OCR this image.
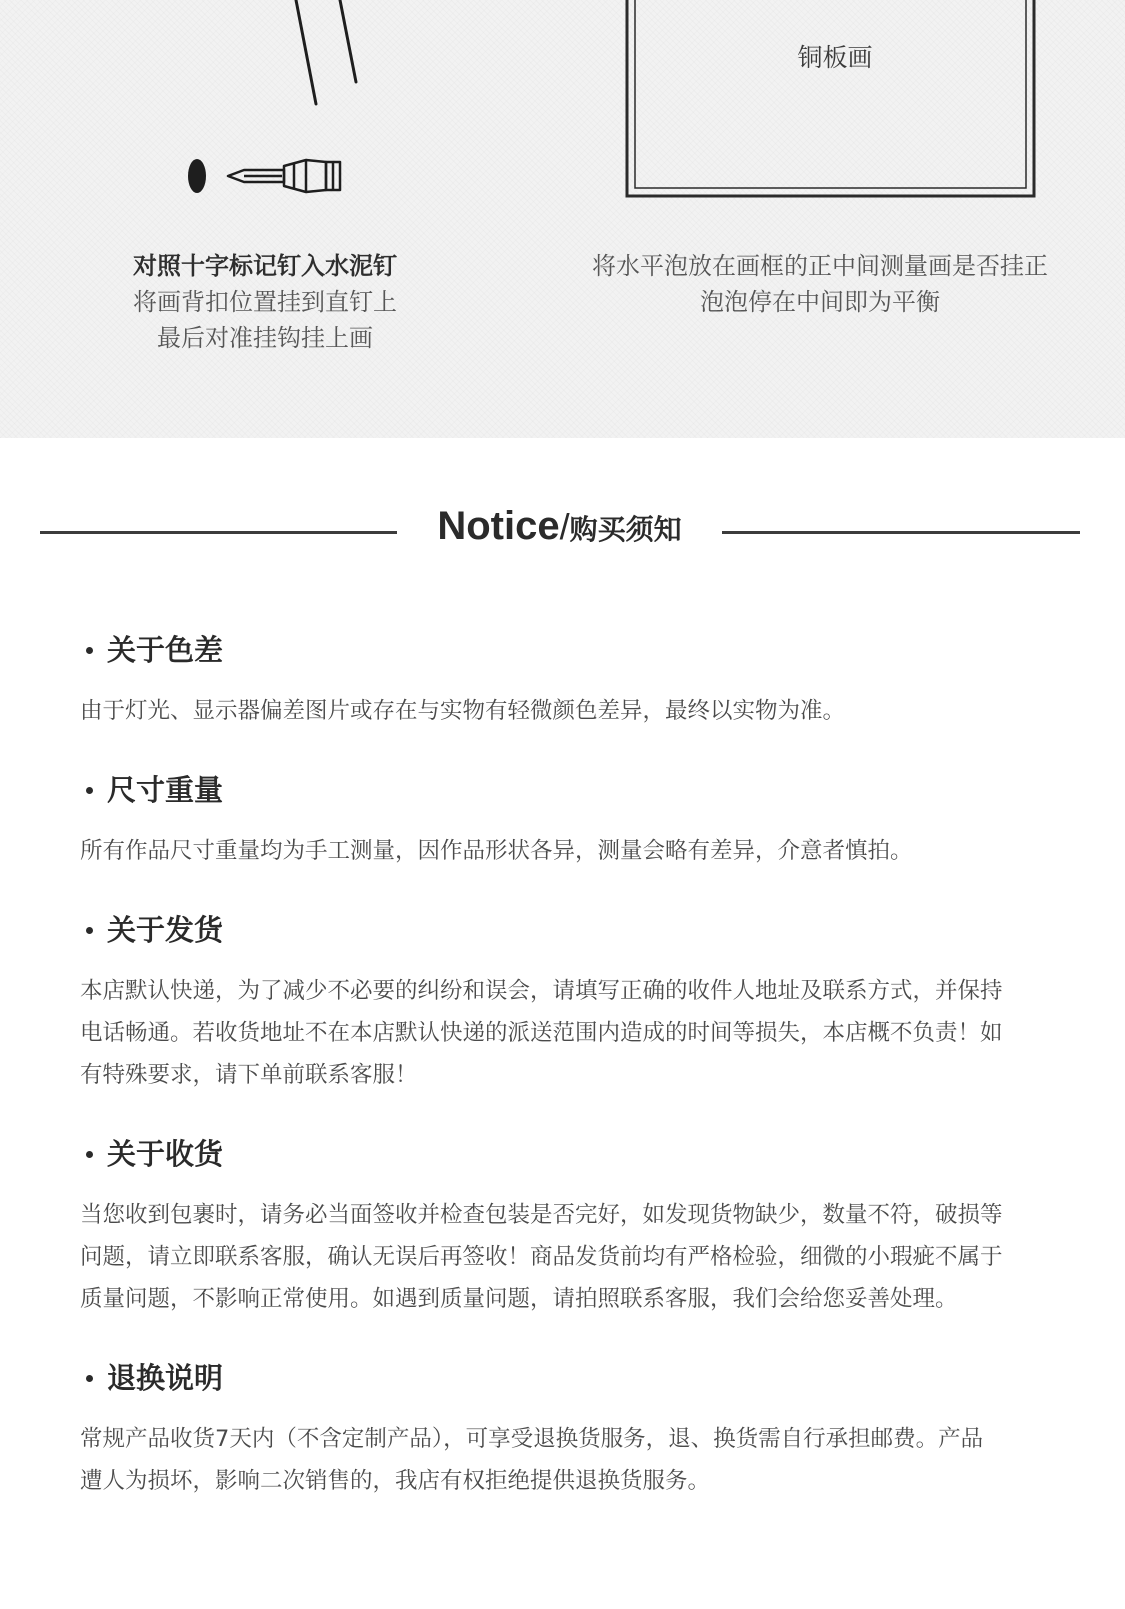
铜板画
对照十字标记钉入水泥钉
将画背扣位置挂到直钉上
最后对准挂钩挂上画
将水平泡放在画框的正中间测量画是否挂正
泡泡停在中间即为平衡
Notice/购买须知
关于色差
由于灯光、显示器偏差图片或存在与实物有轻微颜色差异，最终以实物为准。
尺寸重量
所有作品尺寸重量均为手工测量，因作品形状各异，测量会略有差异，介意者慎拍。
关于发货
本店默认快递，为了减少不必要的纠纷和误会，请填写正确的收件人地址及联系方式，并保持
电话畅通。若收货地址不在本店默认快递的派送范围内造成的时间等损失，本店概不负责！如
有特殊要求，请下单前联系客服！
关于收货
当您收到包裹时，请务必当面签收并检查包装是否完好，如发现货物缺少，数量不符，破损等
问题，请立即联系客服，确认无误后再签收！商品发货前均有严格检验，细微的小瑕疵不属于
质量问题，不影响正常使用。如遇到质量问题，请拍照联系客服，我们会给您妥善处理。
退换说明
常规产品收货7天内（不含定制产品），可享受退换货服务，退、换货需自行承担邮费。产品
遭人为损坏，影响二次销售的，我店有权拒绝提供退换货服务。
